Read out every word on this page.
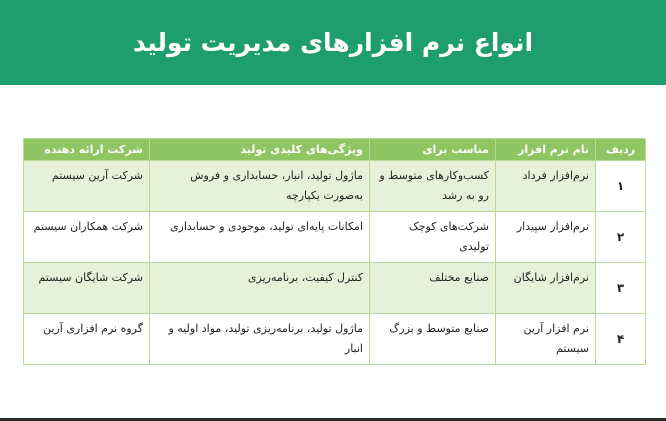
انواع نرم افزارهای مدیریت تولید
ردیف	نام نرم افزار	مناسب برای	ویژگی‌های کلیدی تولید	شرکت ارائه دهنده
۱	نرم‌افزار فرداد	کسب‌وکارهای متوسط و رو به رشد	ماژول تولید، انبار، حسابداری و فروش به‌صورت یکپارچه	شرکت آرین سیستم
۲	نرم‌افزار سپیدار	شرکت‌های کوچک تولیدی	امکانات پایه‌ای تولید، موجودی و حسابداری	شرکت همکاران سیستم
۳	نرم‌افزار شایگان	صنایع مختلف	کنترل کیفیت، برنامه‌ریزی	شرکت شایگان سیستم
۴	نرم افزار آرین سیستم	صنایع متوسط و بزرگ	ماژول تولید، برنامه‌ریزی تولید، مواد اولیه و انبار	گروه نرم افزاری آرین
